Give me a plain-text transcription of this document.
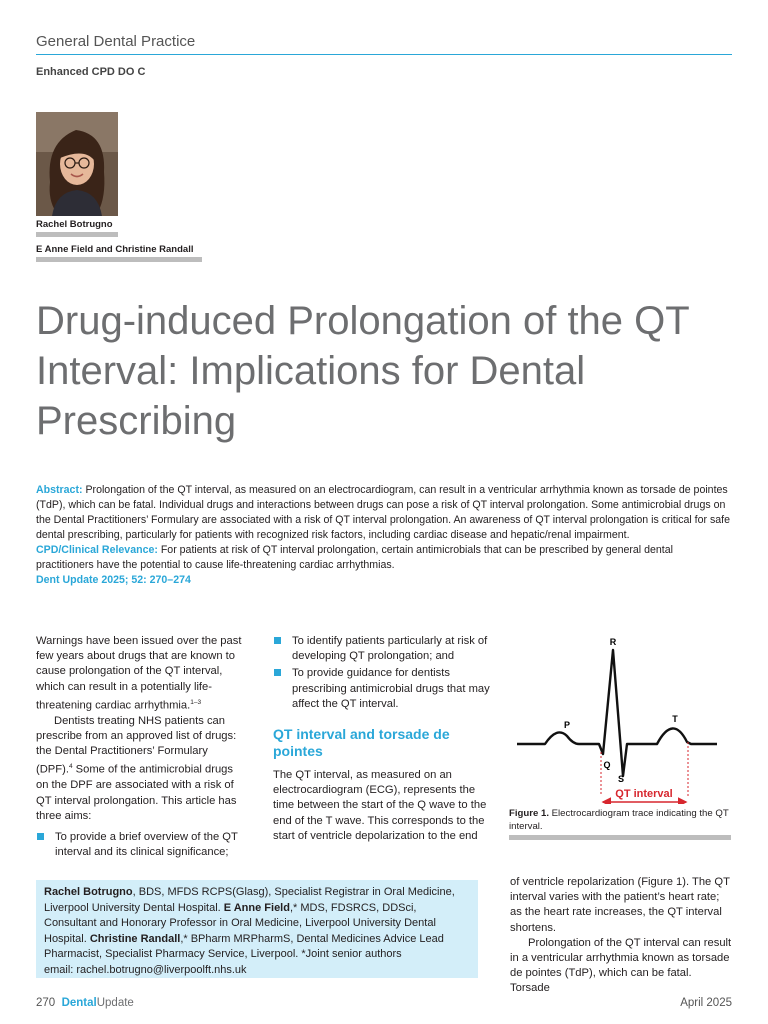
General Dental Practice
Enhanced CPD DO C
Rachel Botrugno
E Anne Field and Christine Randall
Drug-induced Prolongation of the QT Interval: Implications for Dental Prescribing
Abstract: Prolongation of the QT interval, as measured on an electrocardiogram, can result in a ventricular arrhythmia known as torsade de pointes (TdP), which can be fatal. Individual drugs and interactions between drugs can pose a risk of QT interval prolongation. Some antimicrobial drugs on the Dental Practitioners’ Formulary are associated with a risk of QT interval prolongation. An awareness of QT interval prolongation is critical for safe dental prescribing, particularly for patients with recognized risk factors, including cardiac disease and hepatic/renal impairment.
CPD/Clinical Relevance: For patients at risk of QT interval prolongation, certain antimicrobials that can be prescribed by general dental practitioners have the potential to cause life-threatening cardiac arrhythmias.
Dent Update 2025; 52: 270–274

Warnings have been issued over the past few years about drugs that are known to cause prolongation of the QT interval, which can result in a potentially life-threatening cardiac arrhythmia.$^{1-3}$

Dentists treating NHS patients can prescribe from an approved list of drugs: the Dental Practitioners’ Formulary (DPF).$^4$ Some of the antimicrobial drugs on the DPF are associated with a risk of QT interval prolongation. This article has three aims:

To provide a brief overview of the QT interval and its clinical significance;
To identify patients particularly at risk of developing QT prolongation; and
To provide guidance for dentists prescribing antimicrobial drugs that may affect the QT interval.
QT interval and torsade de pointes

The QT interval, as measured on an electrocardiogram (ECG), represents the time between the start of the Q wave to the end of the T wave. This corresponds to the start of ventricle depolarization to the end

R
P
T
Q
S
QT interval
Figure 1. Electrocardiogram trace indicating the QT interval.
Rachel Botrugno, BDS, MFDS RCPS(Glasg), Specialist Registrar in Oral Medicine, Liverpool University Dental Hospital. E Anne Field,* MDS, FDSRCS, DDSci, Consultant and Honorary Professor in Oral Medicine, Liverpool University Dental Hospital. Christine Randall,* BPharm MRPharmS, Dental Medicines Advice Lead Pharmacist, Specialist Pharmacy Service, Liverpool. *Joint senior authors
email: rachel.botrugno@liverpoolft.nhs.uk

of ventricle repolarization (Figure 1). The QT interval varies with the patient’s heart rate; as the heart rate increases, the QT interval shortens.

Prolongation of the QT interval can result in a ventricular arrhythmia known as torsade de pointes (TdP), which can be fatal. Torsade

270 DentalUpdate	April 2025
